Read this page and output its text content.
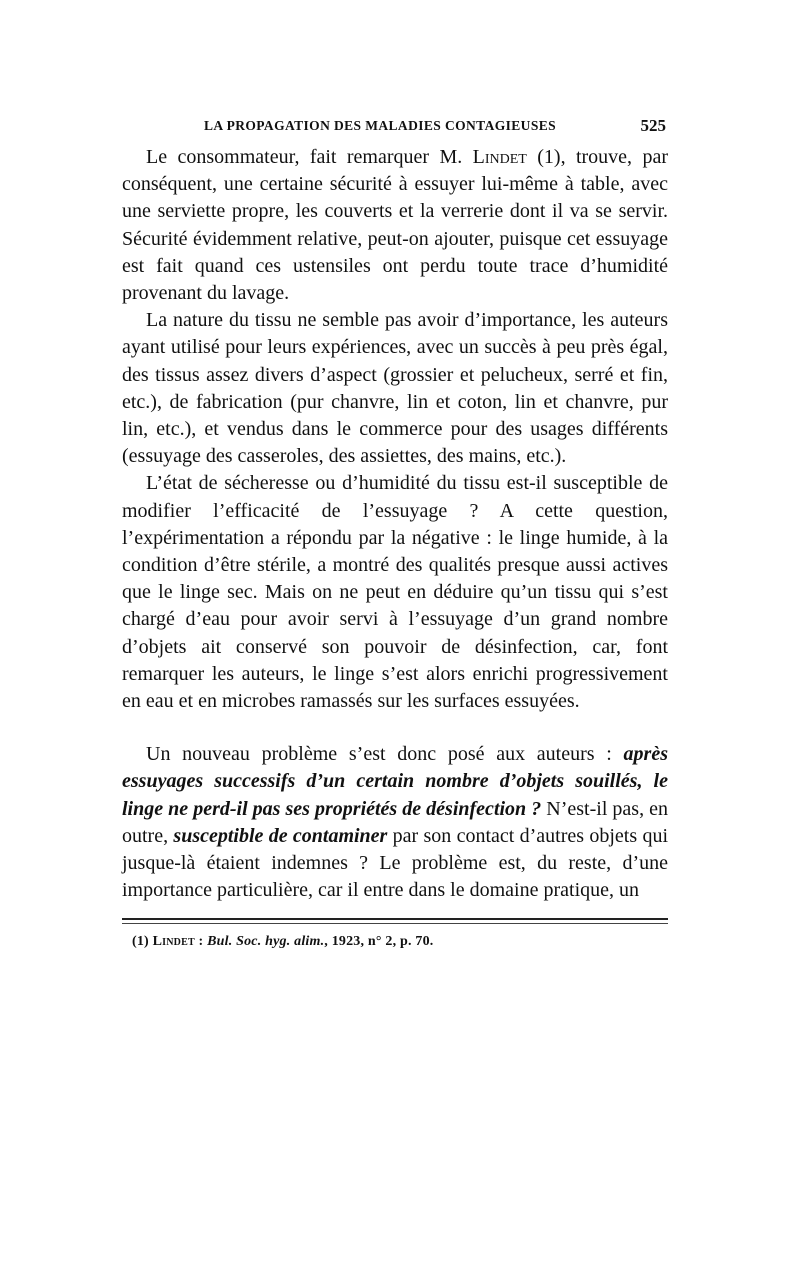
LA PROPAGATION DES MALADIES CONTAGIEUSES	525

Le consommateur, fait remarquer M. Lindet (1), trouve, par conséquent, une certaine sécurité à essuyer lui-même à table, avec une serviette propre, les couverts et la verrerie dont il va se servir. Sécurité évidemment relative, peut-on ajouter, puisque cet essuyage est fait quand ces ustensiles ont perdu toute trace d’humidité provenant du lavage.

La nature du tissu ne semble pas avoir d’importance, les auteurs ayant utilisé pour leurs expériences, avec un succès à peu près égal, des tissus assez divers d’aspect (grossier et pelucheux, serré et fin, etc.), de fabrication (pur chanvre, lin et coton, lin et chanvre, pur lin, etc.), et vendus dans le commerce pour des usages différents (essuyage des casseroles, des assiettes, des mains, etc.).

L’état de sécheresse ou d’humidité du tissu est-il susceptible de modifier l’efficacité de l’essuyage ? A cette question, l’expérimentation a répondu par la négative : le linge humide, à la condition d’être stérile, a montré des qualités presque aussi actives que le linge sec. Mais on ne peut en déduire qu’un tissu qui s’est chargé d’eau pour avoir servi à l’essuyage d’un grand nombre d’objets ait conservé son pouvoir de désinfection, car, font remarquer les auteurs, le linge s’est alors enrichi progressivement en eau et en microbes ramassés sur les surfaces essuyées.

Un nouveau problème s’est donc posé aux auteurs : après essuyages successifs d’un certain nombre d’objets souillés, le linge ne perd-il pas ses propriétés de désinfection ? N’est-il pas, en outre, susceptible de contaminer par son contact d’autres objets qui jusque-là étaient indemnes ? Le problème est, du reste, d’une importance particulière, car il entre dans le domaine pratique, un

(1) Lindet : Bul. Soc. hyg. alim., 1923, n° 2, p. 70.
